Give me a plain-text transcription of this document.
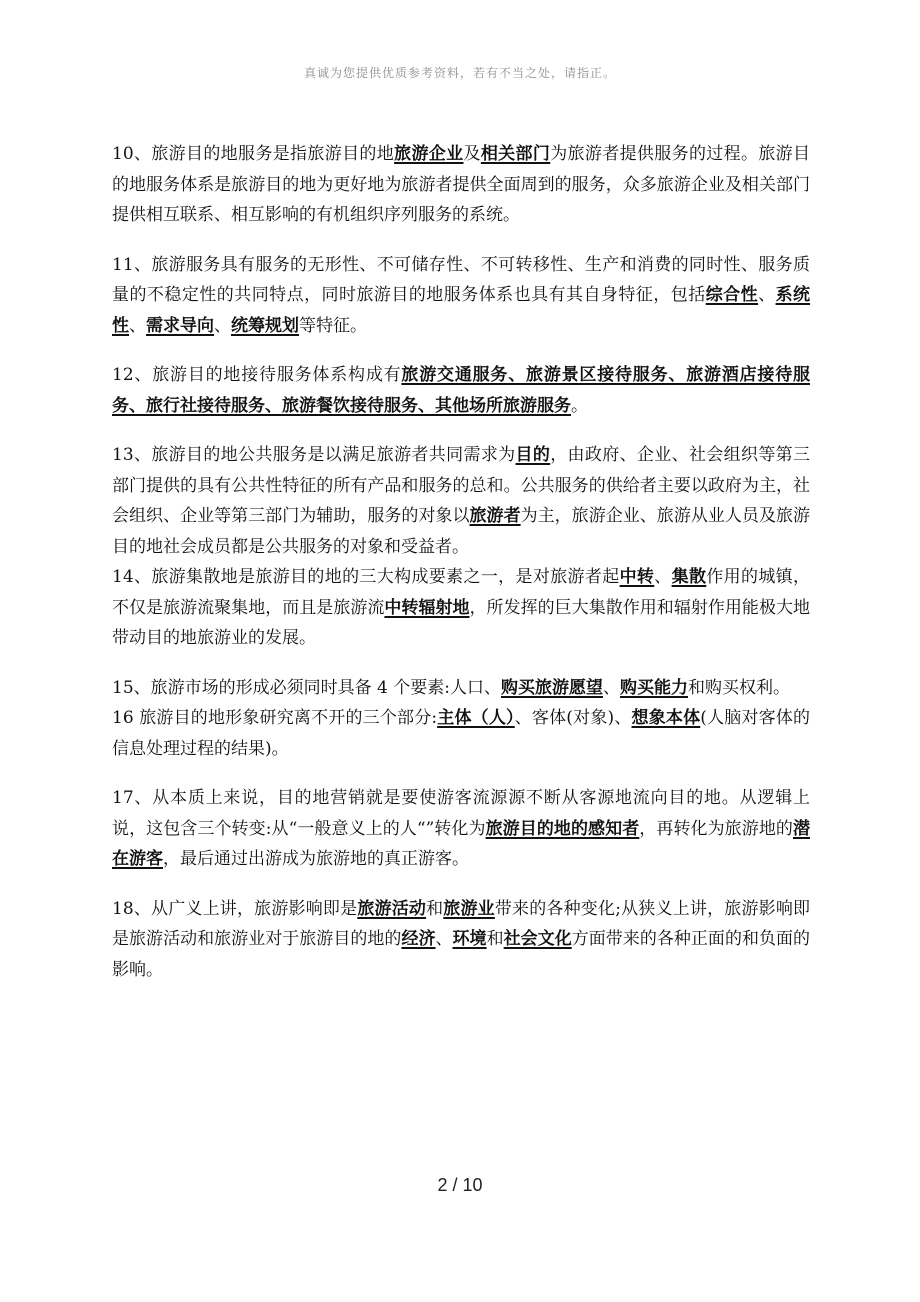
真诚为您提供优质参考资料，若有不当之处，请指正。

10、旅游目的地服务是指旅游目的地旅游企业及相关部门为旅游者提供服务的过程。旅游目的地服务体系是旅游目的地为更好地为旅游者提供全面周到的服务，众多旅游企业及相关部门提供相互联系、相互影响的有机组织序列服务的系统。

11、旅游服务具有服务的无形性、不可储存性、不可转移性、生产和消费的同时性、服务质量的不稳定性的共同特点，同时旅游目的地服务体系也具有其自身特征，包括综合性、系统性、需求导向、统筹规划等特征。

12、旅游目的地接待服务体系构成有旅游交通服务、旅游景区接待服务、旅游酒店接待服务、旅行社接待服务、旅游餐饮接待服务、其他场所旅游服务。

13、旅游目的地公共服务是以满足旅游者共同需求为目的，由政府、企业、社会组织等第三部门提供的具有公共性特征的所有产品和服务的总和。公共服务的供给者主要以政府为主，社会组织、企业等第三部门为辅助，服务的对象以旅游者为主，旅游企业、旅游从业人员及旅游目的地社会成员都是公共服务的对象和受益者。

14、旅游集散地是旅游目的地的三大构成要素之一，是对旅游者起中转、集散作用的城镇，不仅是旅游流聚集地，而且是旅游流中转辐射地，所发挥的巨大集散作用和辐射作用能极大地带动目的地旅游业的发展。

15、旅游市场的形成必须同时具备 4 个要素:人口、购买旅游愿望、购买能力和购买权利。

16 旅游目的地形象研究离不开的三个部分:主体（人）、客体(对象)、想象本体(人脑对客体的信息处理过程的结果)。

17、从本质上来说，目的地营销就是要使游客流源源不断从客源地流向目的地。从逻辑上说，这包含三个转变:从“一般意义上的人“”转化为旅游目的地的感知者，再转化为旅游地的潜在游客，最后通过出游成为旅游地的真正游客。

18、从广义上讲，旅游影响即是旅游活动和旅游业带来的各种变化;从狭义上讲，旅游影响即是旅游活动和旅游业对于旅游目的地的经济、环境和社会文化方面带来的各种正面的和负面的影响。

2 / 10
